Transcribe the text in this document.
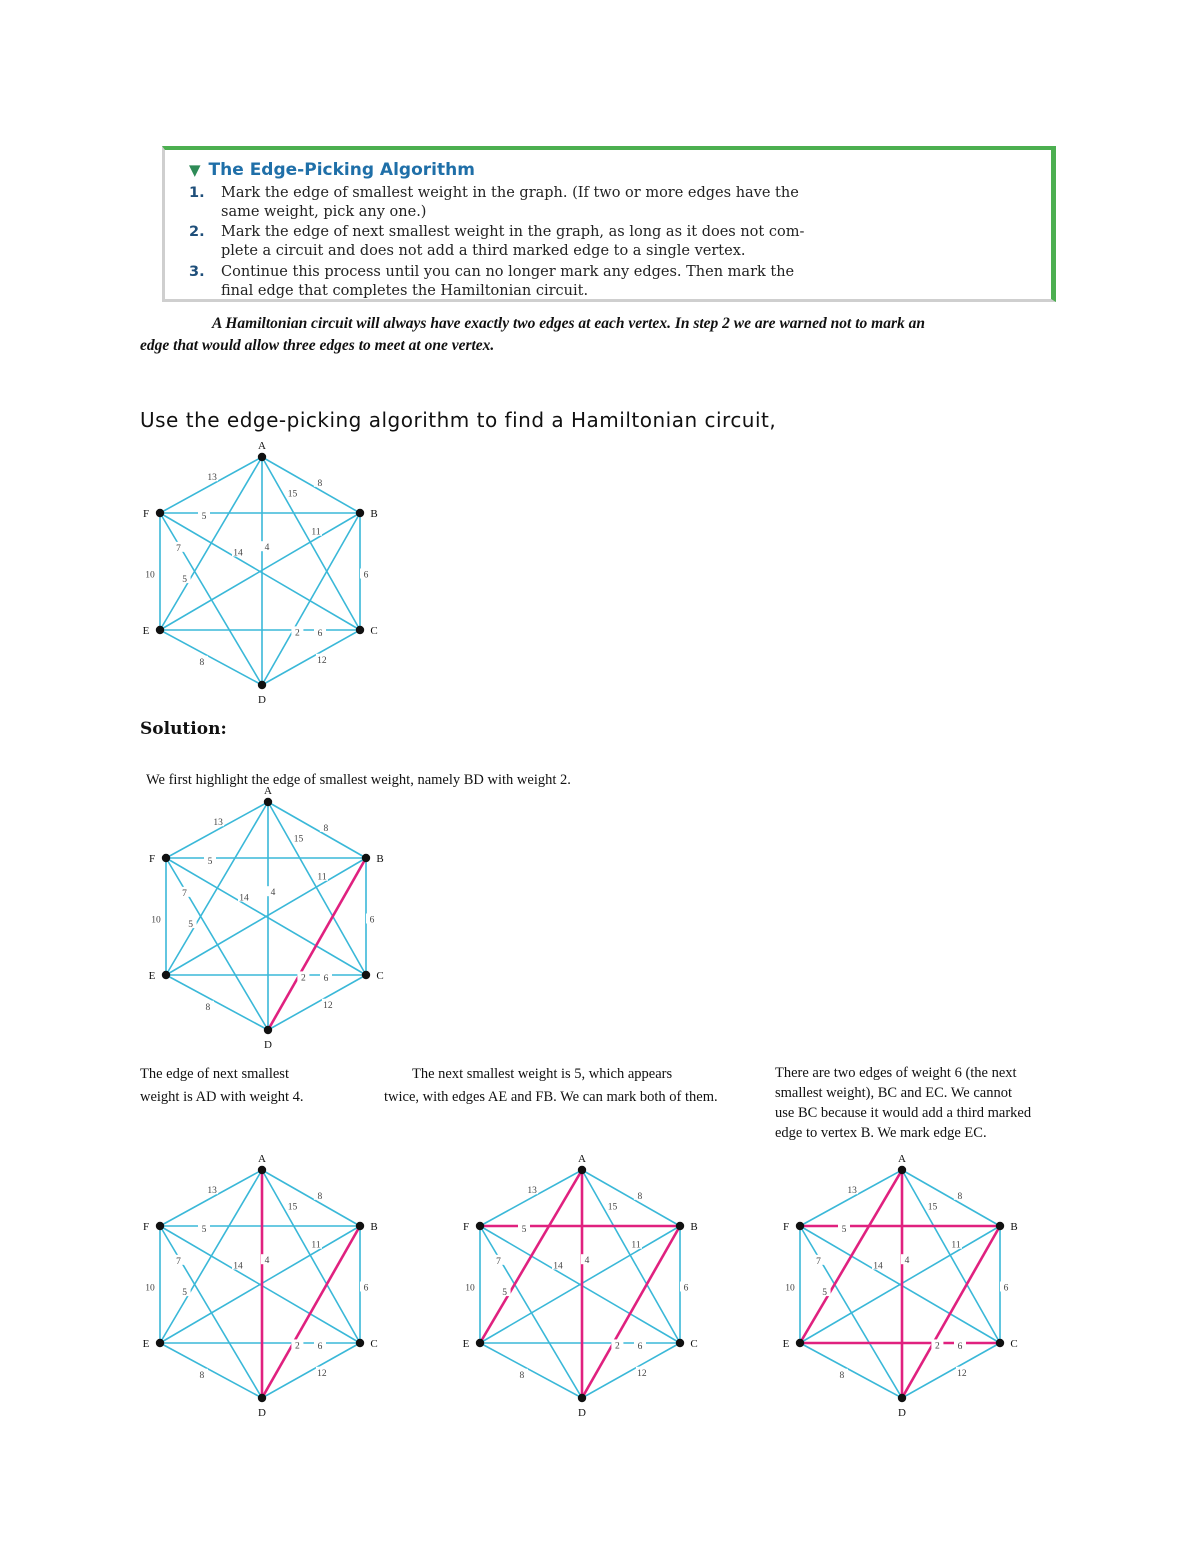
▼ The Edge-Picking Algorithm
1. Mark the edge of smallest weight in the graph. (If two or more edges have the
same weight, pick any one.)
2. Mark the edge of next smallest weight in the graph, as long as it does not com-
plete a circuit and does not add a third marked edge to a single vertex.
3. Continue this process until you can no longer mark any edges. Then mark the
final edge that completes the Hamiltonian circuit.
A Hamiltonian circuit will always have exactly two edges at each vertex. In step 2 we are warned not to mark an
edge that would allow three edges to meet at one vertex.
Use the edge-picking algorithm to find a Hamiltonian circuit,
13
8
15
4
5
5
14
7
10	6
2
11
6
8	12
A
B
C
D
E
F
Solution:
We first highlight the edge of smallest weight, namely BD with weight 2.
13
8
15
4
5
5
14
7
10	6
2
11
6
8	12
A
B
C
D
E
F
The edge of next smallest
weight is AD with weight 4.
The next smallest weight is 5, which appears
twice, with edges AE and FB. We can mark both of them.
There are two edges of weight 6 (the next
smallest weight), BC and EC. We cannot
use BC because it would add a third marked
edge to vertex B. We mark edge EC.
13
8
15
4
5
5
14
7
10	6
2
11
6
8	12
A
B
C
D
E
F
13
8
15
4
5
5
14
7
10	6
2
11
6
8	12
A
B
C
D
E
F
13
8
15
4
5
5
14
7
10	6
2
11
6
8	12
A
B
C
D
E
F
